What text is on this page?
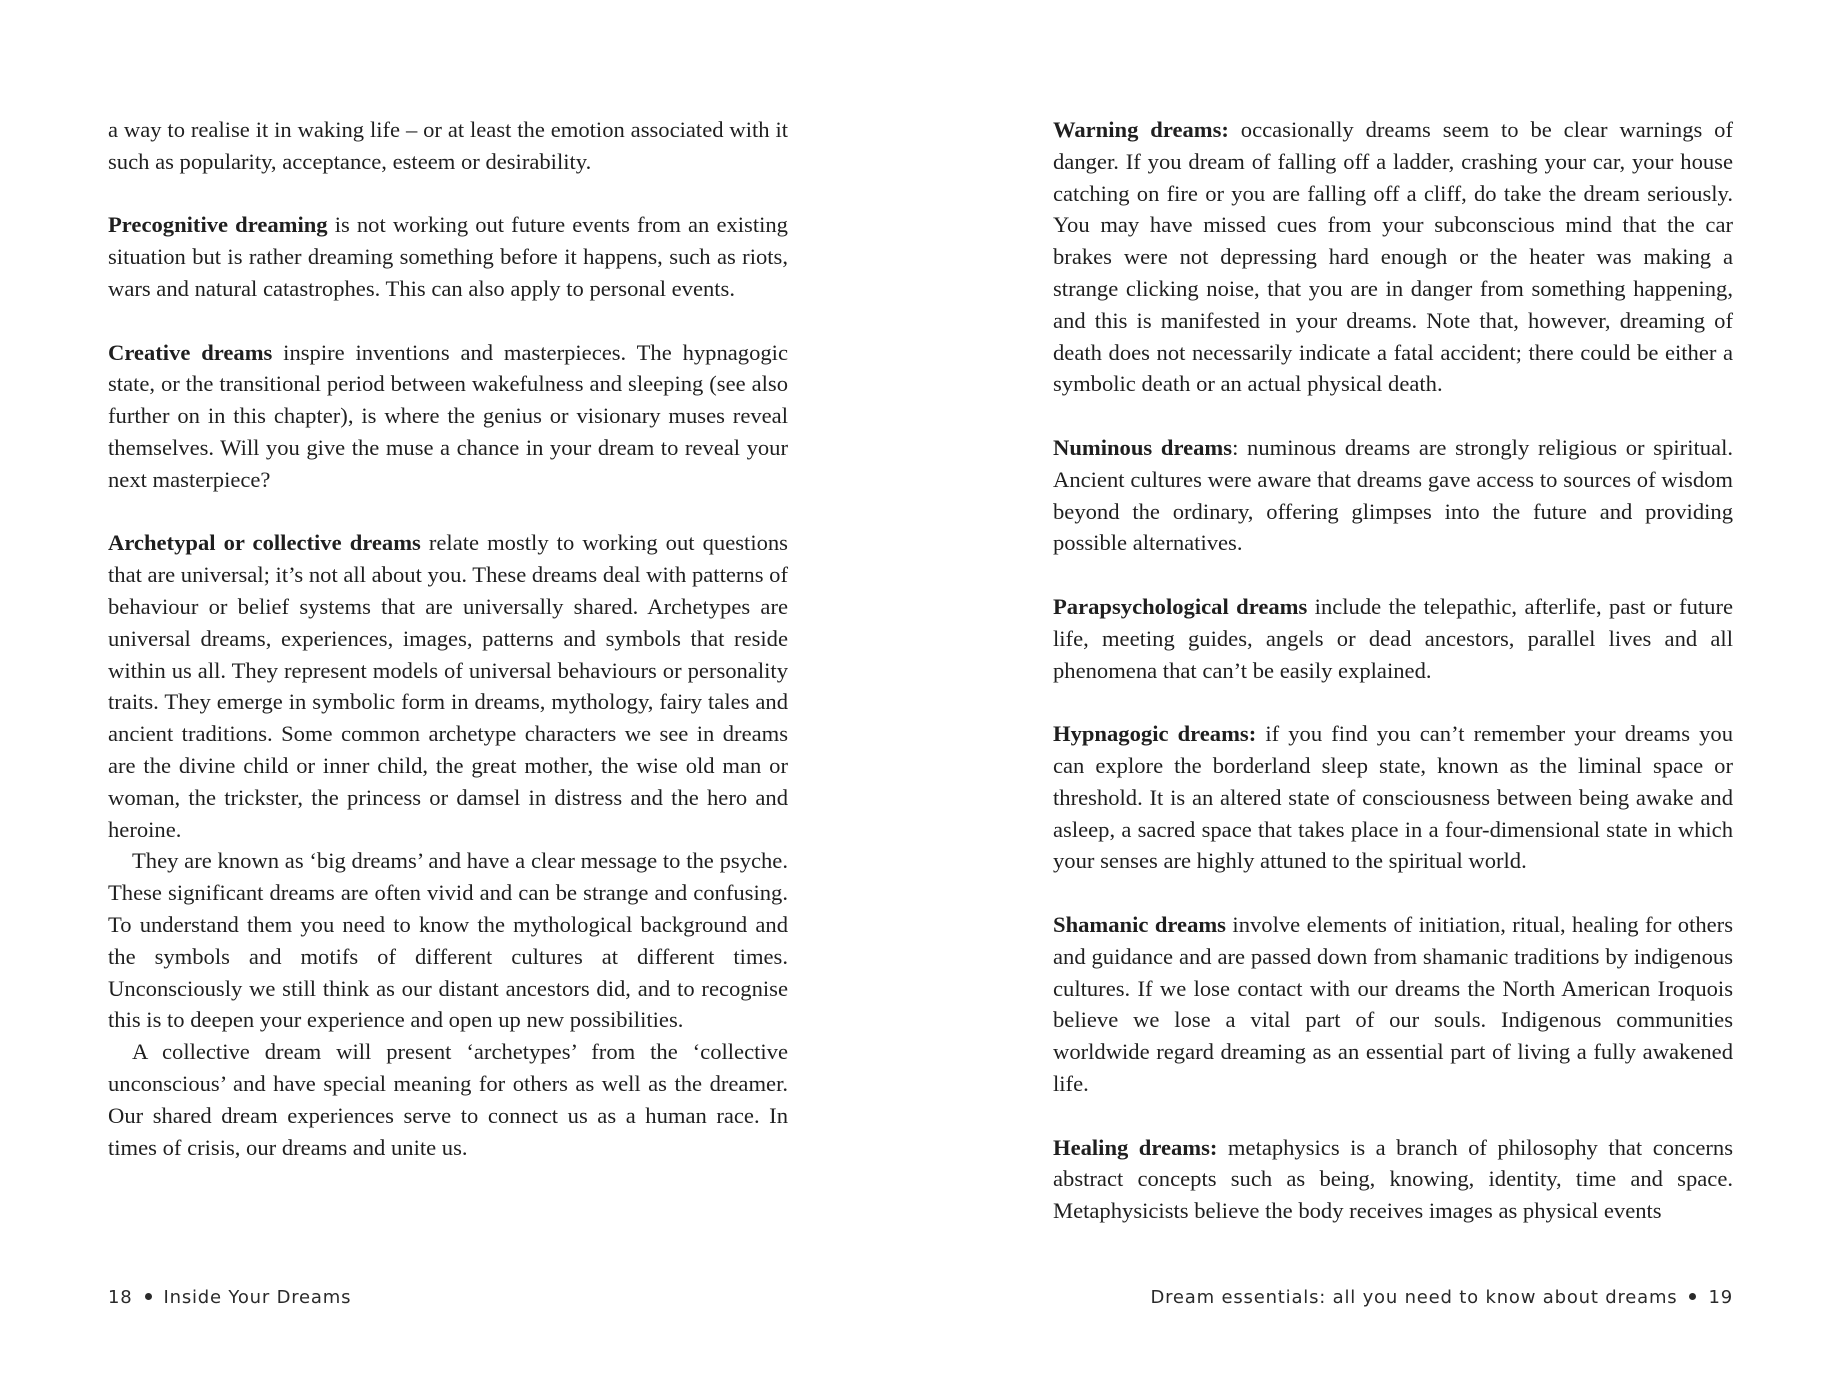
a way to realise it in waking life – or at least the emotion associated with it such as popularity, acceptance, esteem or desirability.

Precognitive dreaming is not working out future events from an existing situation but is rather dreaming something before it happens, such as riots, wars and natural catastrophes. This can also apply to personal events.

Creative dreams inspire inventions and masterpieces. The hypnagogic state, or the transitional period between wakefulness and sleeping (see also further on in this chapter), is where the genius or visionary muses reveal themselves. Will you give the muse a chance in your dream to reveal your next masterpiece?

Archetypal or collective dreams relate mostly to working out questions that are universal; it’s not all about you. These dreams deal with patterns of behaviour or belief systems that are universally shared. Archetypes are universal dreams, experiences, images, patterns and symbols that reside within us all. They represent models of universal behaviours or personality traits. They emerge in symbolic form in dreams, mythology, fairy tales and ancient traditions. Some common archetype characters we see in dreams are the divine child or inner child, the great mother, the wise old man or woman, the trickster, the princess or damsel in distress and the hero and heroine.

They are known as ‘big dreams’ and have a clear message to the psyche. These significant dreams are often vivid and can be strange and confusing. To understand them you need to know the mythological background and the symbols and motifs of different cultures at different times. Unconsciously we still think as our distant ancestors did, and to recognise this is to deepen your experience and open up new possibilities.

A collective dream will present ‘archetypes’ from the ‘collective unconscious’ and have special meaning for others as well as the dreamer. Our shared dream experiences serve to connect us as a human race. In times of crisis, our dreams and unite us.

Warning dreams: occasionally dreams seem to be clear warnings of danger. If you dream of falling off a ladder, crashing your car, your house catching on fire or you are falling off a cliff, do take the dream seriously. You may have missed cues from your subconscious mind that the car brakes were not depressing hard enough or the heater was making a strange clicking noise, that you are in danger from something happening, and this is manifested in your dreams. Note that, however, dreaming of death does not necessarily indicate a fatal accident; there could be either a symbolic death or an actual physical death.

Numinous dreams: numinous dreams are strongly religious or spiritual. Ancient cultures were aware that dreams gave access to sources of wisdom beyond the ordinary, offering glimpses into the future and providing possible alternatives.

Parapsychological dreams include the telepathic, afterlife, past or future life, meeting guides, angels or dead ancestors, parallel lives and all phenomena that can’t be easily explained.

Hypnagogic dreams: if you find you can’t remember your dreams you can explore the borderland sleep state, known as the liminal space or threshold. It is an altered state of consciousness between being awake and asleep, a sacred space that takes place in a four-dimensional state in which your senses are highly attuned to the spiritual world.

Shamanic dreams involve elements of initiation, ritual, healing for others and guidance and are passed down from shamanic traditions by indigenous cultures. If we lose contact with our dreams the North American Iroquois believe we lose a vital part of our souls. Indigenous communities worldwide regard dreaming as an essential part of living a fully awakened life.

Healing dreams: metaphysics is a branch of philosophy that concerns abstract concepts such as being, knowing, identity, time and space. Metaphysicists believe the body receives images as physical events

18 Inside Your Dreams	Dream essentials: all you need to know about dreams 19
